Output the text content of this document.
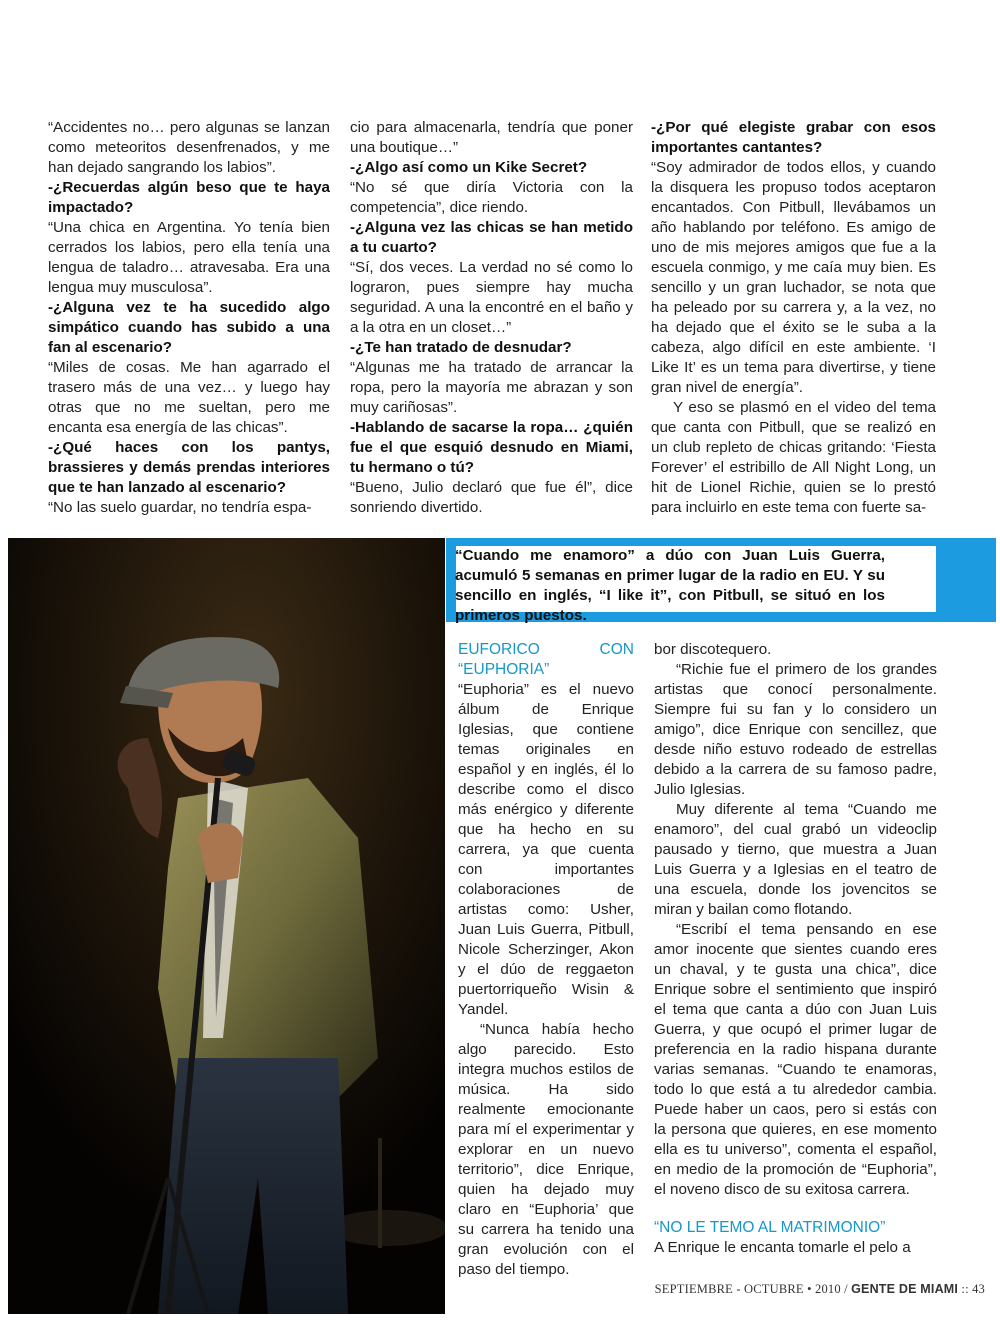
“Accidentes no… pero algunas se lanzan como meteoritos desenfrenados, y me han dejado sangrando los labios”.

-¿Recuerdas algún beso que te haya impactado?

“Una chica en Argentina. Yo tenía bien cerrados los labios, pero ella tenía una lengua de taladro… atravesaba. Era una lengua muy musculosa”.

-¿Alguna vez te ha sucedido algo simpático cuando has subido a una fan al escenario?

“Miles de cosas. Me han agarrado el trasero más de una vez… y luego hay otras que no me sueltan, pero me encanta esa energía de las chicas”.

-¿Qué haces con los pantys, brassieres y demás prendas interiores que te han lanzado al escenario?

“No las suelo guardar, no tendría espa-

cio para almacenarla, tendría que poner una boutique…”

-¿Algo así como un Kike Secret?

“No sé que diría Victoria con la competencia”, dice riendo.

-¿Alguna vez las chicas se han metido a tu cuarto?

“Sí, dos veces. La verdad no sé como lo lograron, pues siempre hay mucha seguridad. A una la encontré en el baño y a la otra en un closet…”

-¿Te han tratado de desnudar?

“Algunas me ha tratado de arrancar la ropa, pero la mayoría me abrazan y son muy cariñosas”.

-Hablando de sacarse la ropa… ¿quién fue el que esquió desnudo en Miami, tu hermano o tú?

“Bueno, Julio declaró que fue él”, dice sonriendo divertido.

-¿Por qué elegiste grabar con esos importantes cantantes?

“Soy admirador de todos ellos, y cuando la disquera les propuso todos aceptaron encantados. Con Pitbull, llevábamos un año hablando por teléfono. Es amigo de uno de mis mejores amigos que fue a la escuela conmigo, y me caía muy bien. Es sencillo y un gran luchador, se nota que ha peleado por su carrera y, a la vez, no ha dejado que el éxito se le suba a la cabeza, algo difícil en este ambiente. ‘I Like It’ es un tema para divertirse, y tiene gran nivel de energía”.

Y eso se plasmó en el video del tema que canta con Pitbull, que se realizó en un club repleto de chicas gritando: ‘Fiesta Forever’ el estribillo de All Night Long, un hit de Lionel Richie, quien se lo prestó para incluirlo en este tema con fuerte sa-

“Cuando me enamoro” a dúo con Juan Luis Guerra, acumuló 5 semanas en primer lugar de la radio en EU. Y su sencillo en inglés, “I like it”, con Pitbull, se situó en los primeros puestos.

EUFORICO CON “EUPHORIA”

“Euphoria” es el nuevo álbum de Enrique Iglesias, que contiene temas originales en español y en inglés, él lo describe como el disco más enérgico y diferente que ha hecho en su carrera, ya que cuenta con importantes colaboraciones de artistas como: Usher, Juan Luis Guerra, Pitbull, Nicole Scherzinger, Akon y el dúo de reggaeton puertorriqueño Wisin & Yandel.

“Nunca había hecho algo parecido. Esto integra muchos estilos de música. Ha sido realmente emocionante para mí el experimentar y explorar en un nuevo territorio”, dice Enrique, quien ha dejado muy claro en “Euphoria’ que su carrera ha tenido una gran evolución con el paso del tiempo.

bor discotequero.

“Richie fue el primero de los grandes artistas que conocí personalmente. Siempre fui su fan y lo considero un amigo”, dice Enrique con sencillez, que desde niño estuvo rodeado de estrellas debido a la carrera de su famoso padre, Julio Iglesias.

Muy diferente al tema “Cuando me enamoro”, del cual grabó un videoclip pausado y tierno, que muestra a Juan Luis Guerra y a Iglesias en el teatro de una escuela, donde los jovencitos se miran y bailan como flotando.

“Escribí el tema pensando en ese amor inocente que sientes cuando eres un chaval, y te gusta una chica”, dice Enrique sobre el sentimiento que inspiró el tema que canta a dúo con Juan Luis Guerra, y que ocupó el primer lugar de preferencia en la radio hispana durante varias semanas. “Cuando te enamoras, todo lo que está a tu alrededor cambia. Puede haber un caos, pero si estás con la persona que quieres, en ese momento ella es tu universo”, comenta el español, en medio de la promoción de “Euphoria”, el noveno disco de su exitosa carrera.

“NO LE TEMO AL MATRIMONIO”

A Enrique le encanta tomarle el pelo a

SEPTIEMBRE - OCTUBRE • 2010 / GENTE DE MIAMI :: 43
